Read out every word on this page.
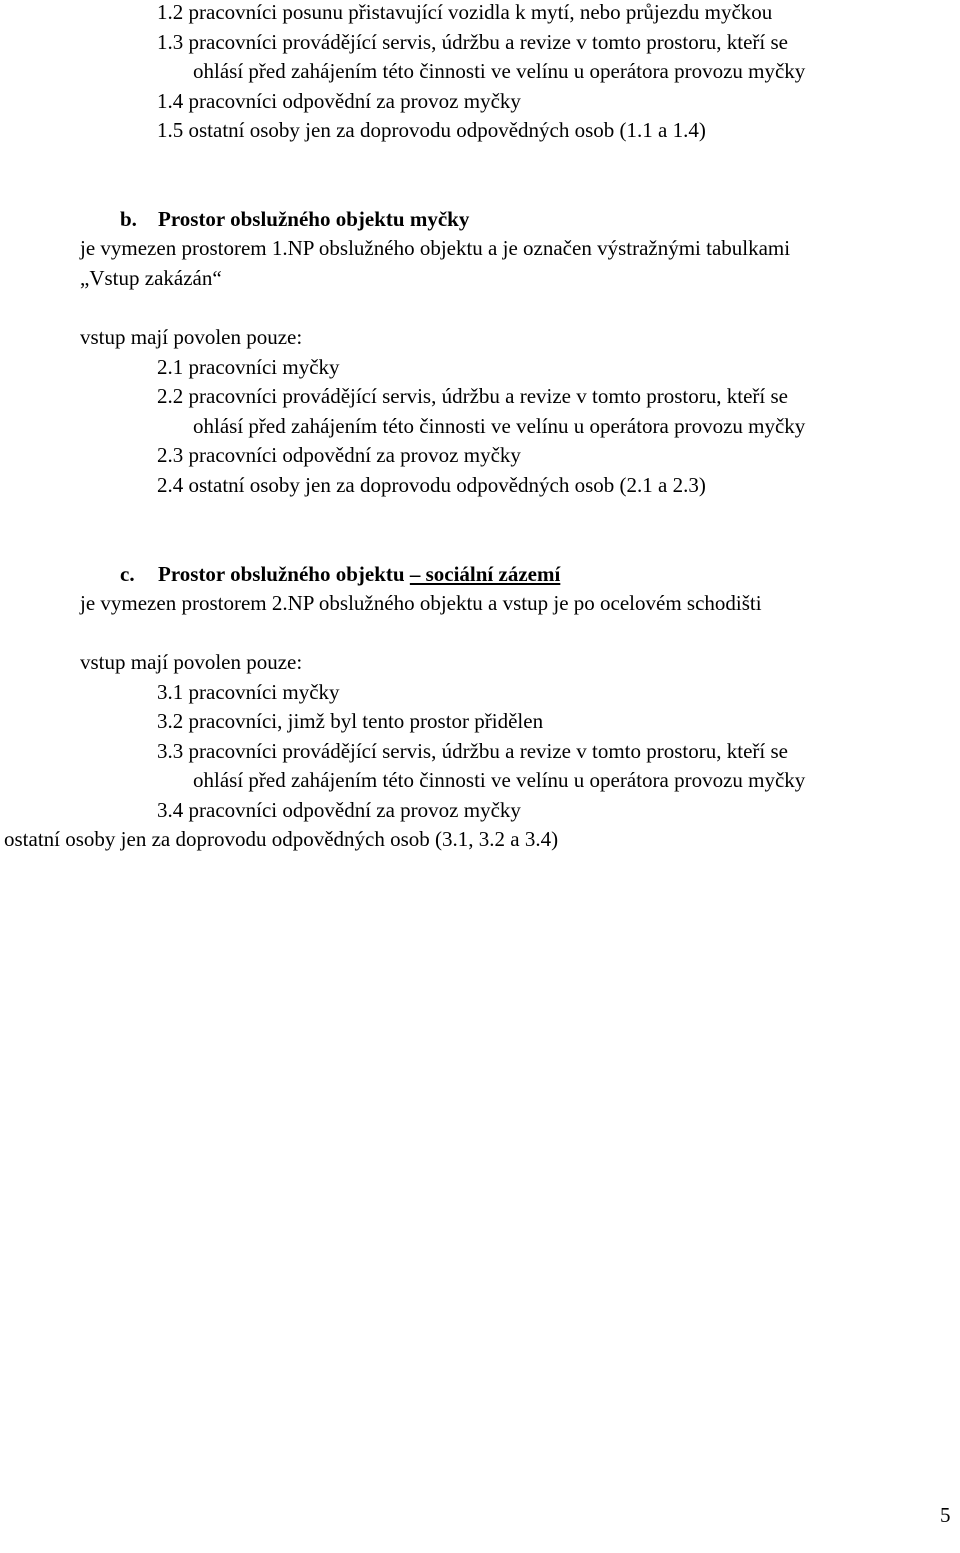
1.2 pracovníci posunu přistavující vozidla k mytí, nebo průjezdu myčkou
1.3 pracovníci provádějící servis, údržbu a revize v tomto prostoru, kteří se
ohlásí před zahájením této činnosti ve velínu u operátora provozu myčky
1.4 pracovníci odpovědní za provoz myčky
1.5 ostatní osoby jen za doprovodu odpovědných osob (1.1 a 1.4)
b. Prostor obslužného objektu myčky
je vymezen prostorem 1.NP obslužného objektu a je označen výstražnými tabulkami
„Vstup zakázán“
vstup mají povolen pouze:
2.1 pracovníci myčky
2.2 pracovníci provádějící servis, údržbu a revize v tomto prostoru, kteří se
ohlásí před zahájením této činnosti ve velínu u operátora provozu myčky
2.3 pracovníci odpovědní za provoz myčky
2.4 ostatní osoby jen za doprovodu odpovědných osob (2.1 a 2.3)
c. Prostor obslužného objektu – sociální zázemí
je vymezen prostorem 2.NP obslužného objektu a vstup je po ocelovém schodišti
vstup mají povolen pouze:
3.1 pracovníci myčky
3.2 pracovníci, jimž byl tento prostor přidělen
3.3 pracovníci provádějící servis, údržbu a revize v tomto prostoru, kteří se
ohlásí před zahájením této činnosti ve velínu u operátora provozu myčky
3.4 pracovníci odpovědní za provoz myčky
ostatní osoby jen za doprovodu odpovědných osob (3.1, 3.2 a 3.4)
5
